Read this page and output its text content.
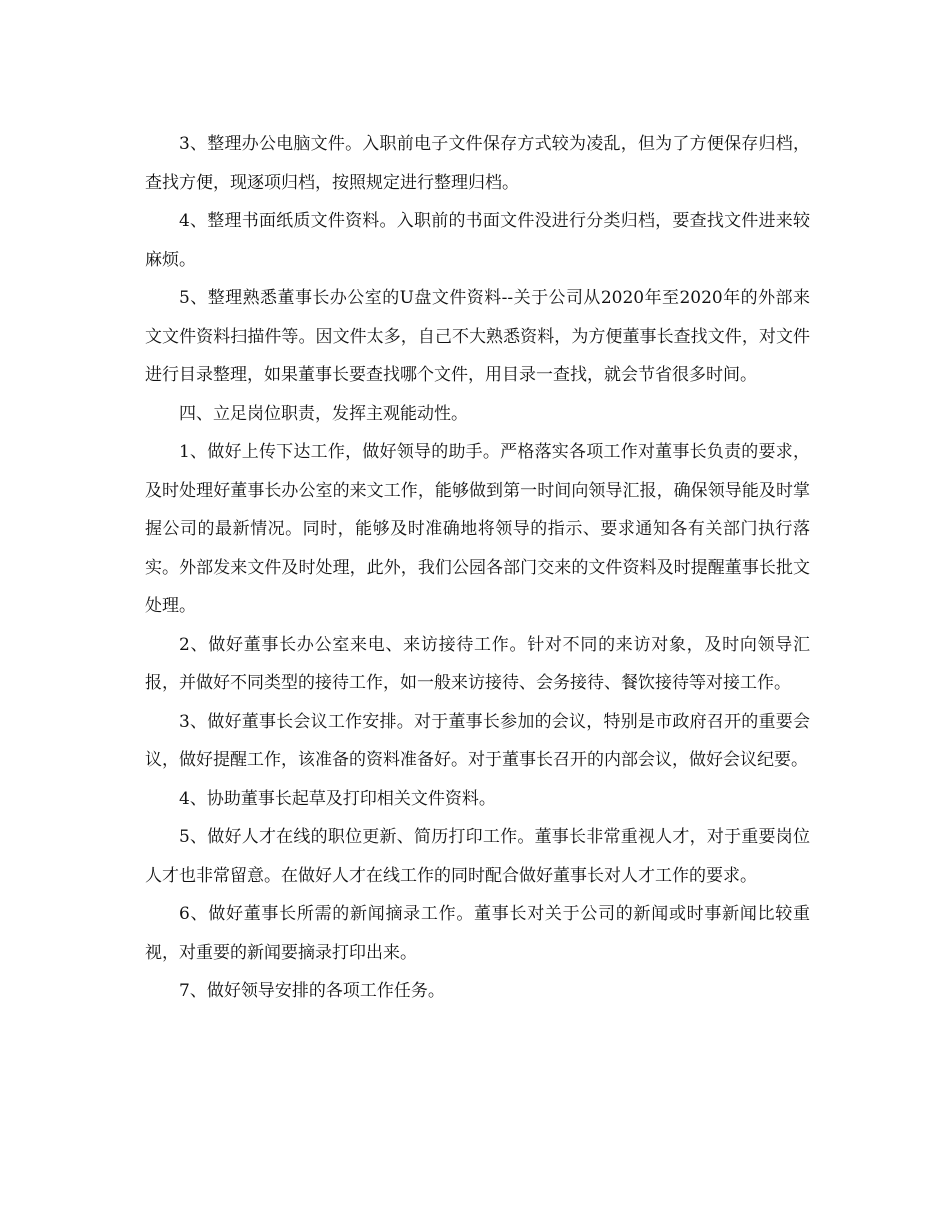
3、整理办公电脑文件。入职前电子文件保存方式较为凌乱，但为了方便保存归档，查找方便，现逐项归档，按照规定进行整理归档。

4、整理书面纸质文件资料。入职前的书面文件没进行分类归档，要查找文件进来较麻烦。

5、整理熟悉董事长办公室的U盘文件资料--关于公司从2020年至2020年的外部来文文件资料扫描件等。因文件太多，自己不大熟悉资料，为方便董事长查找文件，对文件进行目录整理，如果董事长要查找哪个文件，用目录一查找，就会节省很多时间。

四、立足岗位职责，发挥主观能动性。

1、做好上传下达工作，做好领导的助手。严格落实各项工作对董事长负责的要求，及时处理好董事长办公室的来文工作，能够做到第一时间向领导汇报，确保领导能及时掌握公司的最新情况。同时，能够及时准确地将领导的指示、要求通知各有关部门执行落实。外部发来文件及时处理，此外，我们公园各部门交来的文件资料及时提醒董事长批文处理。

2、做好董事长办公室来电、来访接待工作。针对不同的来访对象，及时向领导汇报，并做好不同类型的接待工作，如一般来访接待、会务接待、餐饮接待等对接工作。

3、做好董事长会议工作安排。对于董事长参加的会议，特别是市政府召开的重要会议，做好提醒工作，该准备的资料准备好。对于董事长召开的内部会议，做好会议纪要。

4、协助董事长起草及打印相关文件资料。

5、做好人才在线的职位更新、简历打印工作。董事长非常重视人才，对于重要岗位人才也非常留意。在做好人才在线工作的同时配合做好董事长对人才工作的要求。

6、做好董事长所需的新闻摘录工作。董事长对关于公司的新闻或时事新闻比较重视，对重要的新闻要摘录打印出来。

7、做好领导安排的各项工作任务。
